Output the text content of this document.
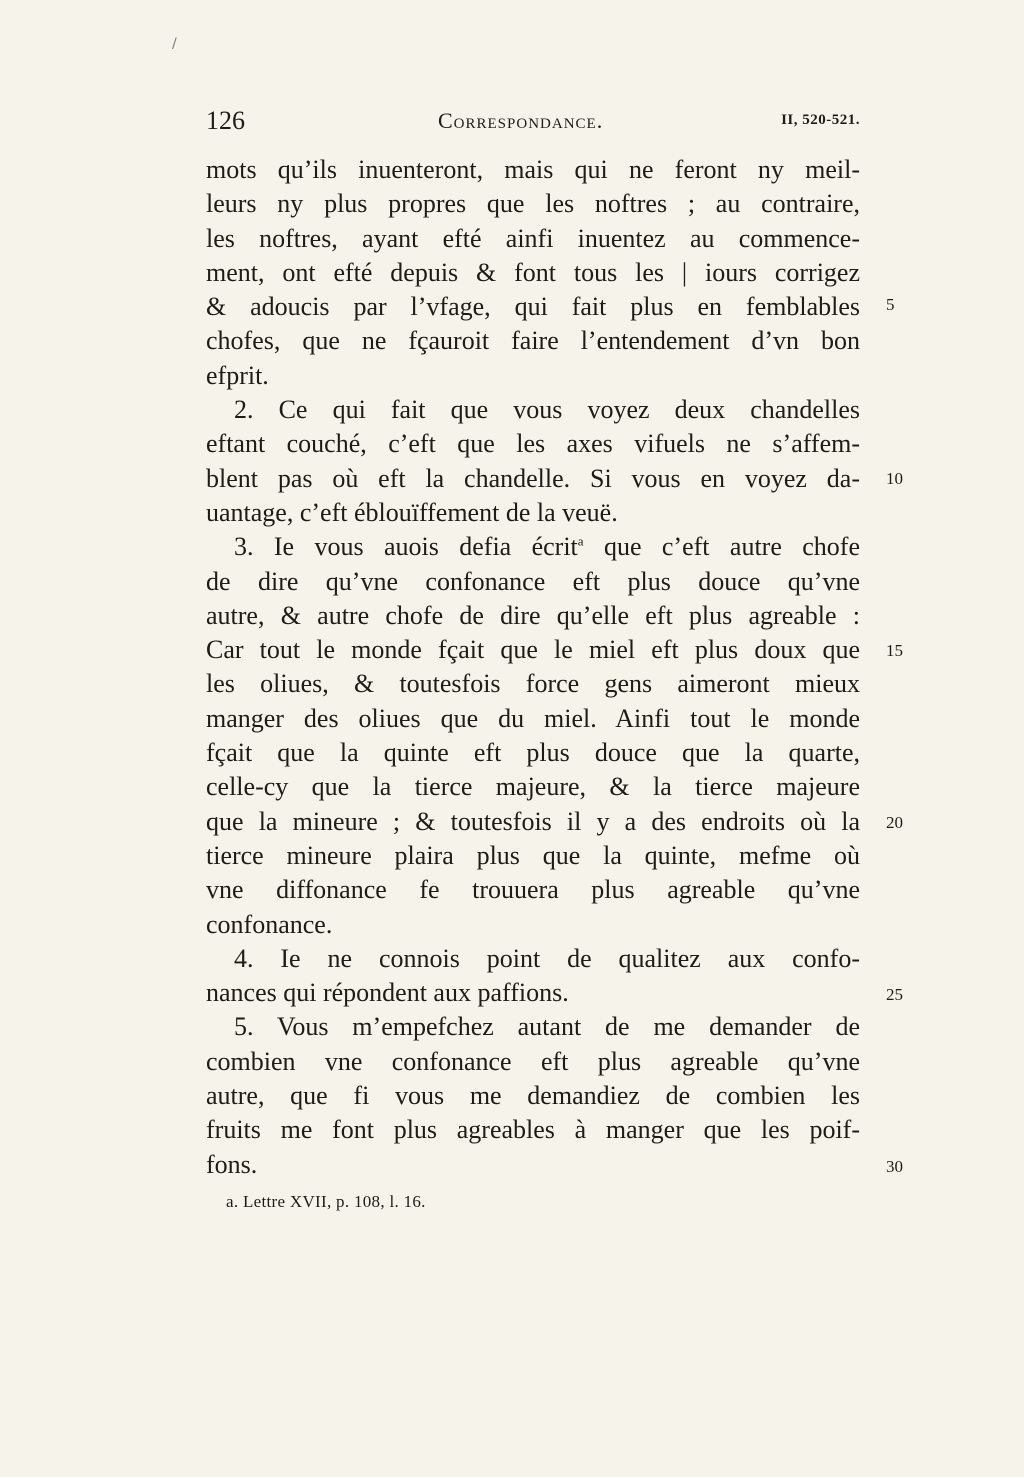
/
126	Correspondance.	II, 520-521.
mots qu’ils inuenteront, mais qui ne feront ny meil-
leurs ny plus propres que les noftres ; au contraire,
les noftres, ayant efté ainfi inuentez au commence-
ment, ont efté depuis & font tous les | iours corrigez
& adoucis par l’vfage, qui fait plus en femblables
chofes, que ne fçauroit faire l’entendement d’vn bon
efprit.
2. Ce qui fait que vous voyez deux chandelles
eftant couché, c’eft que les axes vifuels ne s’affem-
blent pas où eft la chandelle. Si vous en voyez da-
uantage, c’eft éblouïffement de la veuë.
3. Ie vous auois defia écrit$^a$ que c’eft autre chofe
de dire qu’vne confonance eft plus douce qu’vne
autre, & autre chofe de dire qu’elle eft plus agreable :
Car tout le monde fçait que le miel eft plus doux que
les oliues, & toutesfois force gens aimeront mieux
manger des oliues que du miel. Ainfi tout le monde
fçait que la quinte eft plus douce que la quarte,
celle-cy que la tierce majeure, & la tierce majeure
que la mineure ; & toutesfois il y a des endroits où la
tierce mineure plaira plus que la quinte, mefme où
vne diffonance fe trouuera plus agreable qu’vne
confonance.
4. Ie ne connois point de qualitez aux confo-
nances qui répondent aux paffions.
5. Vous m’empefchez autant de me demander de
combien vne confonance eft plus agreable qu’vne
autre, que fi vous me demandiez de combien les
fruits me font plus agreables à manger que les poif-
fons.
5
10
15
20
25
30
a. Lettre XVII, p. 108, l. 16.
